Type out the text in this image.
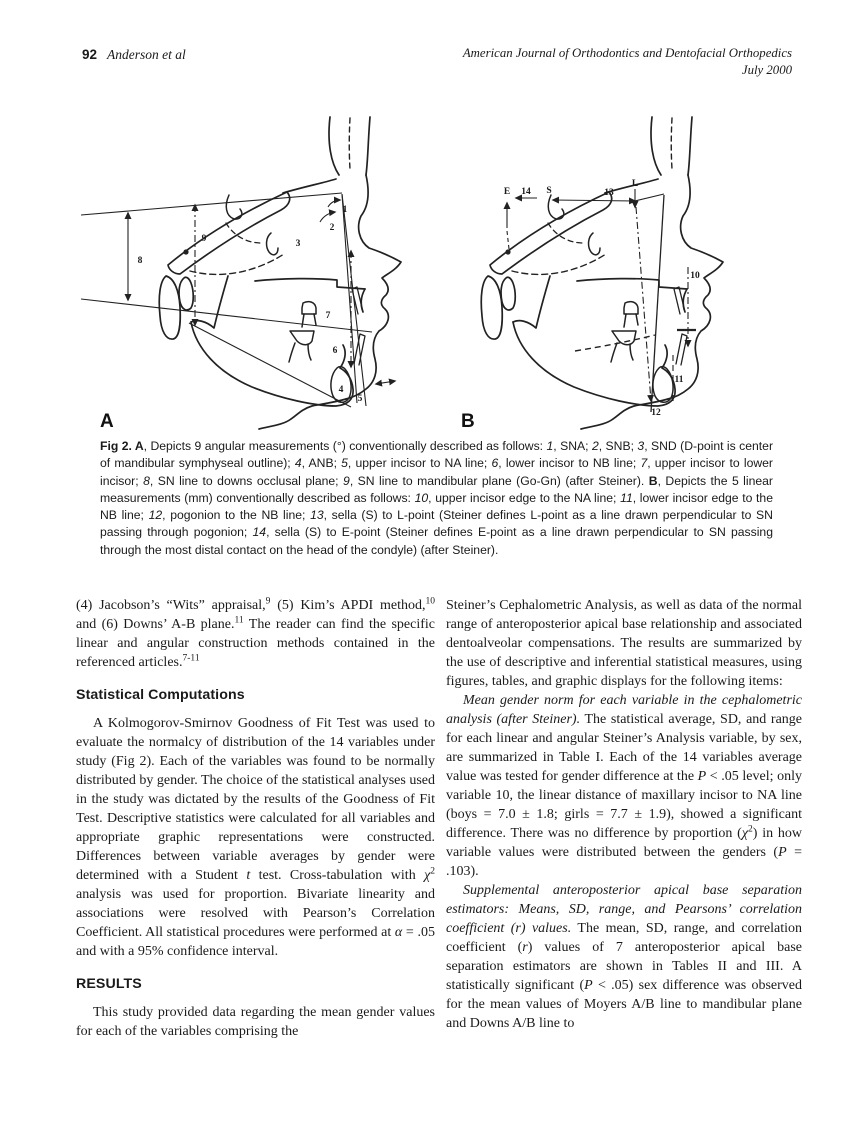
92 Anderson et al	American Journal of Orthodontics and Dentofacial Orthopedics
July 2000
1
2
3
4
5
6
7
8
9
A
E 14 S	13
L
10
11
12
B
Fig 2. A, Depicts 9 angular measurements (°) conventionally described as follows: 1, SNA; 2, SNB; 3, SND (D-point is center of mandibular symphyseal outline); 4, ANB; 5, upper incisor to NA line; 6, lower incisor to NB line; 7, upper incisor to lower incisor; 8, SN line to downs occlusal plane; 9, SN line to mandibular plane (Go-Gn) (after Steiner). B, Depicts the 5 linear measurements (mm) conventionally described as follows: 10, upper incisor edge to the NA line; 11, lower incisor edge to the NB line; 12, pogonion to the NB line; 13, sella (S) to L-point (Steiner defines L-point as a line drawn perpendicular to SN passing through pogonion; 14, sella (S) to E-point (Steiner defines E-point as a line drawn perpendicular to SN passing through the most distal contact on the head of the condyle) (after Steiner).

(4) Jacobson’s “Wits” appraisal,$^9$ (5) Kim’s APDI method,$^{10}$ and (6) Downs’ A-B plane.$^{11}$ The reader can find the specific linear and angular construction methods contained in the referenced articles.$^{7-11}$

Statistical Computations

A Kolmogorov-Smirnov Goodness of Fit Test was used to evaluate the normalcy of distribution of the 14 variables under study (Fig 2). Each of the variables was found to be normally distributed by gender. The choice of the statistical analyses used in the study was dictated by the results of the Goodness of Fit Test. Descriptive statistics were calculated for all variables and appropriate graphic representations were constructed. Differences between variable averages by gender were determined with a Student t test. Cross-tabulation with $\chi^2$ analysis was used for proportion. Bivariate linearity and associations were resolved with Pearson’s Correlation Coefficient. All statistical procedures were performed at α = .05 and with a 95% confidence interval.

RESULTS

This study provided data regarding the mean gender values for each of the variables comprising the

Steiner’s Cephalometric Analysis, as well as data of the normal range of anteroposterior apical base relationship and associated dentoalveolar compensations. The results are summarized by the use of descriptive and inferential statistical measures, using figures, tables, and graphic displays for the following items:

Mean gender norm for each variable in the cephalometric analysis (after Steiner). The statistical average, SD, and range for each linear and angular Steiner’s Analysis variable, by sex, are summarized in Table I. Each of the 14 variables average value was tested for gender difference at the P < .05 level; only variable 10, the linear distance of maxillary incisor to NA line (boys = 7.0 ± 1.8; girls = 7.7 ± 1.9), showed a significant difference. There was no difference by proportion $(\chi^2)$ in how variable values were distributed between the genders (P = .103).

Supplemental anteroposterior apical base separation estimators: Means, SD, range, and Pearsons’ correlation coefficient (r) values. The mean, SD, range, and correlation coefficient (r) values of 7 anteroposterior apical base separation estimators are shown in Tables II and III. A statistically significant (P < .05) sex difference was observed for the mean values of Moyers A/B line to mandibular plane and Downs A/B line to
